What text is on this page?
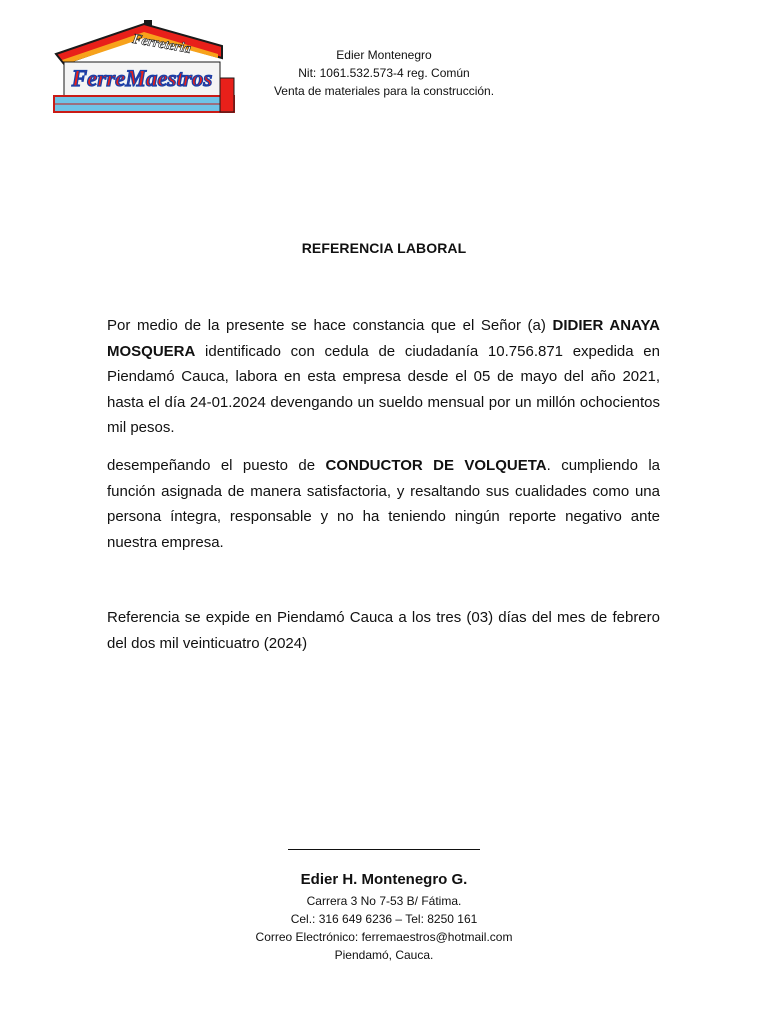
Ferreteria
FerreMaestros
Edier Montenegro
Nit: 1061.532.573-4 reg. Común
Venta de materiales para la construcción.
REFERENCIA LABORAL
Por medio de la presente se hace constancia que el Señor (a) DIDIER ANAYA MOSQUERA identificado con cedula de ciudadanía 10.756.871 expedida en Piendamó Cauca, labora en esta empresa desde el 05 de mayo del año 2021, hasta el día 24-01.2024 devengando un sueldo mensual por un millón ochocientos mil pesos.
desempeñando el puesto de CONDUCTOR DE VOLQUETA. cumpliendo la función asignada de manera satisfactoria, y resaltando sus cualidades como una persona íntegra, responsable y no ha teniendo ningún reporte negativo ante nuestra empresa.
Referencia se expide en Piendamó Cauca a los tres (03) días del mes de febrero del dos mil veinticuatro (2024)
Edier H. Montenegro G.
Carrera 3 No 7-53 B/ Fátima.
Cel.: 316 649 6236 – Tel: 8250 161
Correo Electrónico: ferremaestros@hotmail.com
Piendamó, Cauca.
